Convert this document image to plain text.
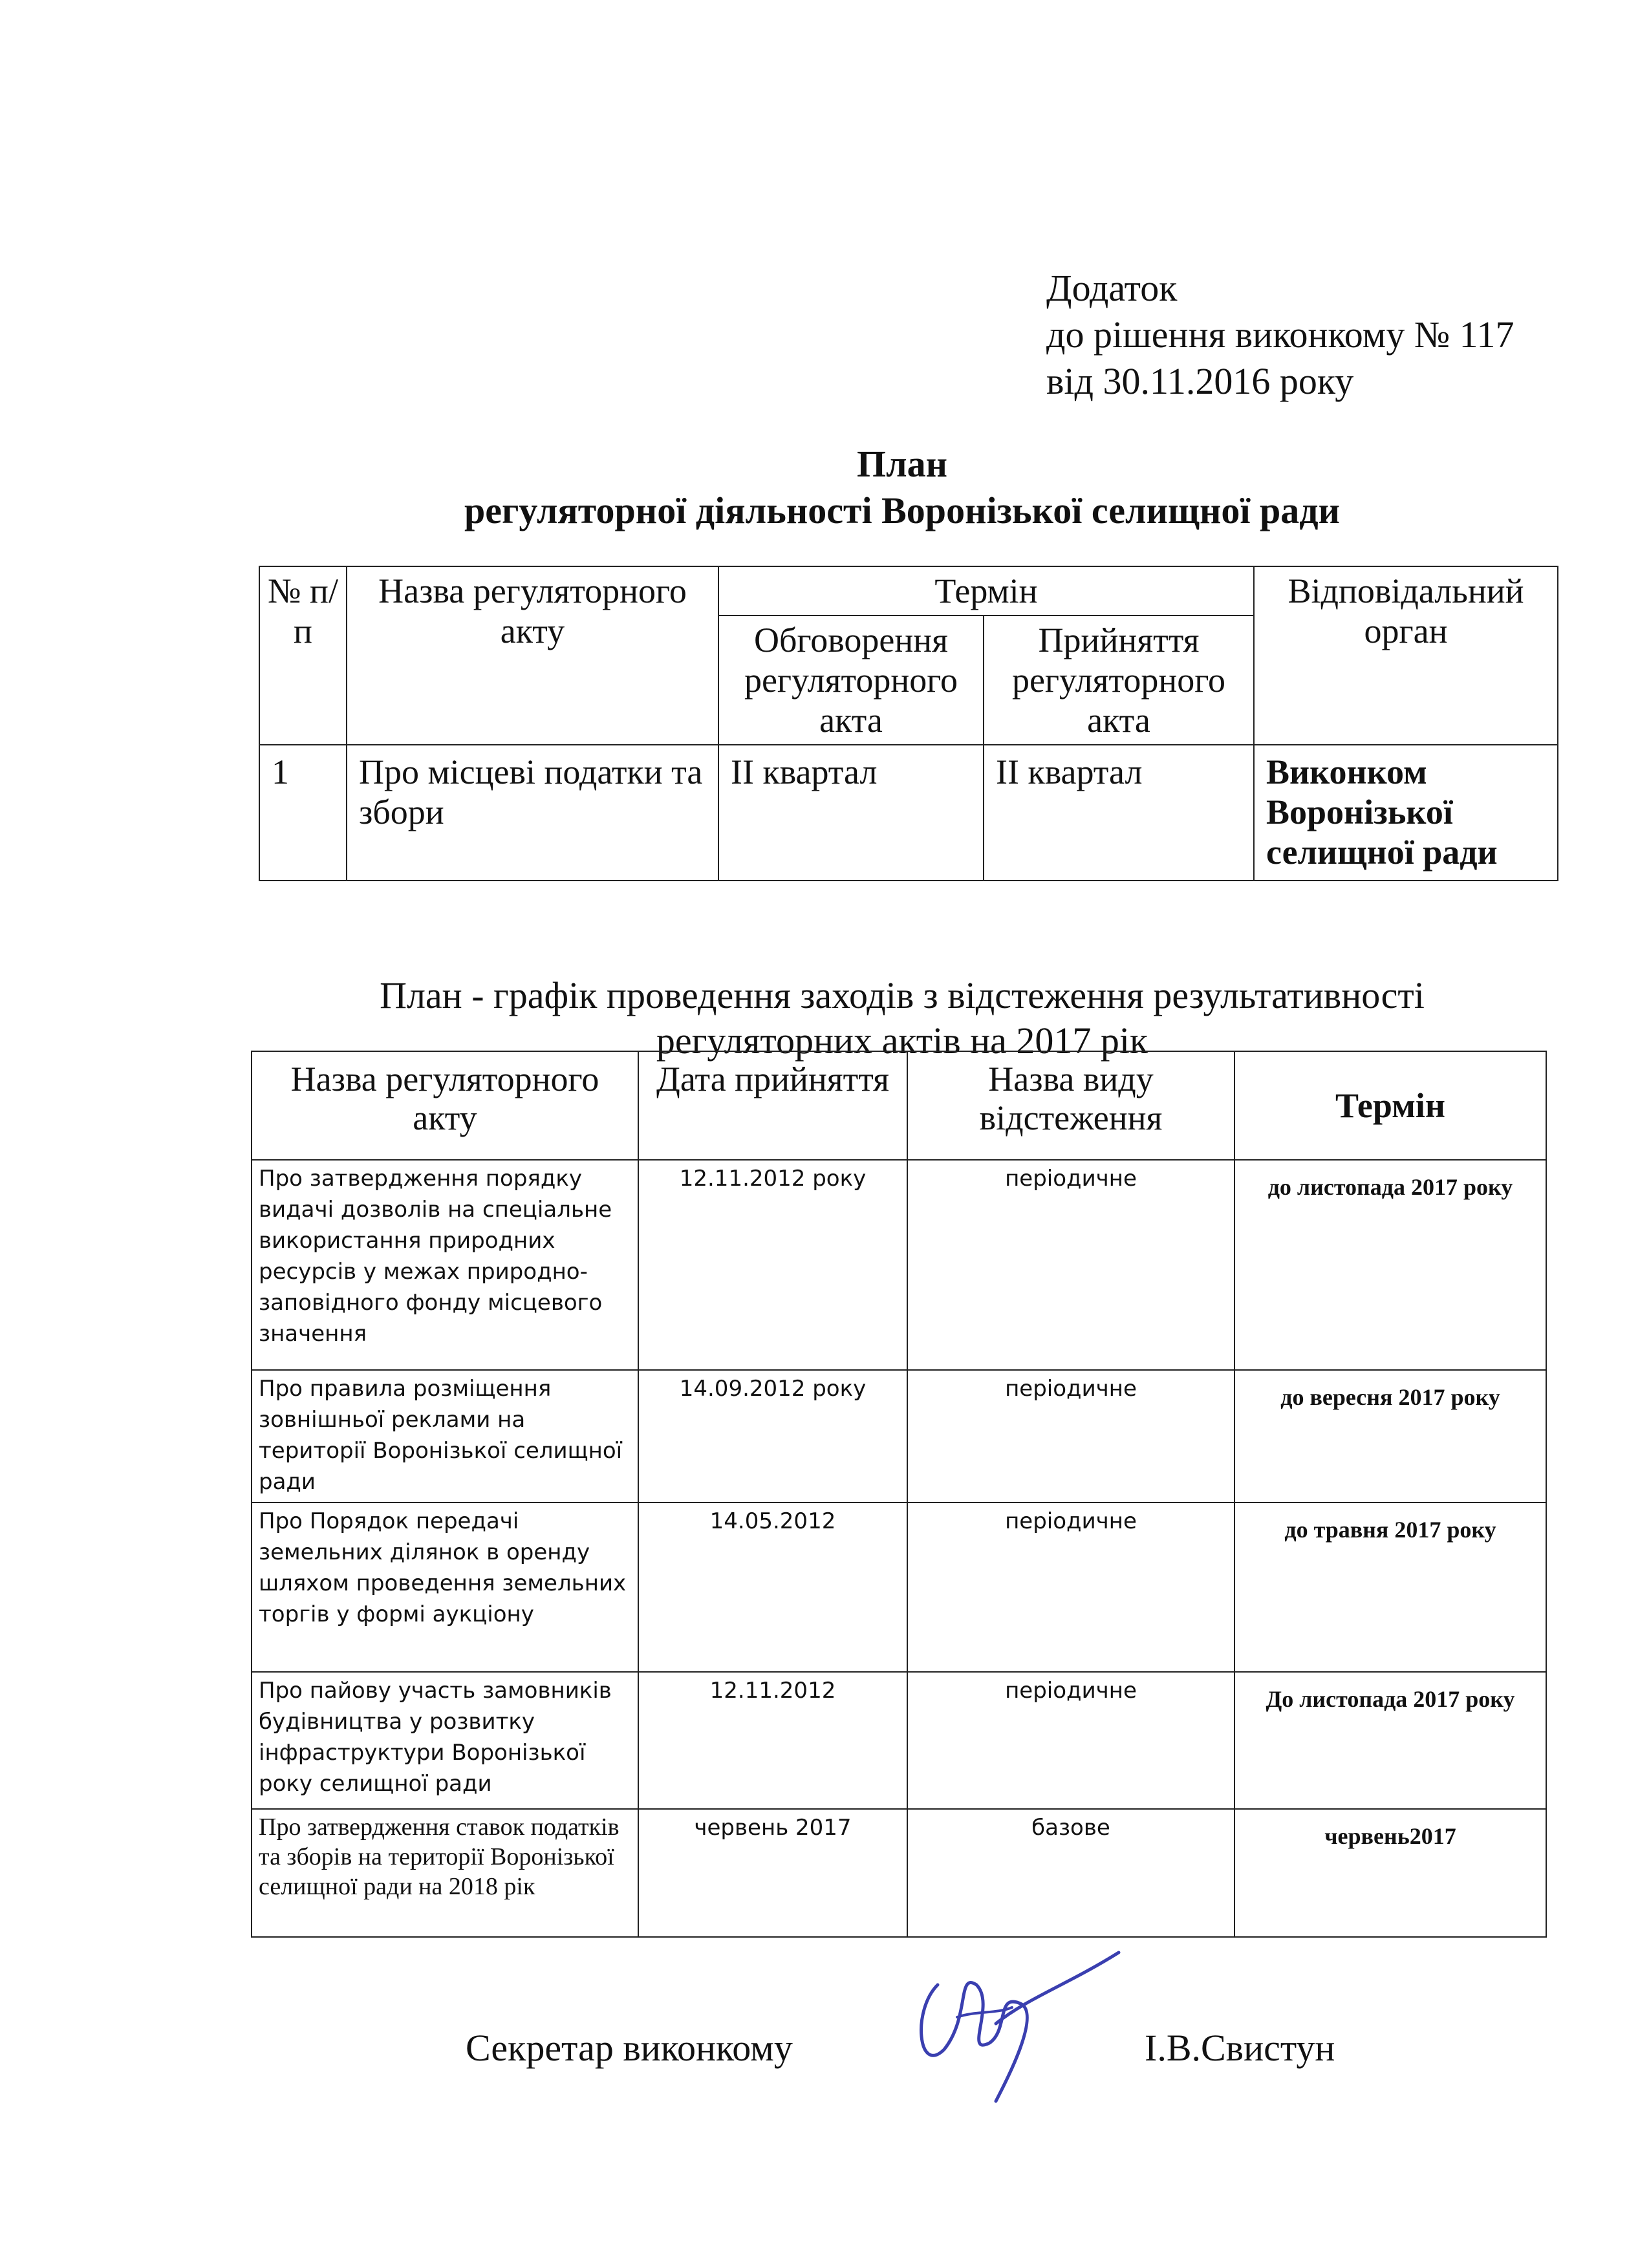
Додаток
до рішення виконкому № 117
від 30.11.2016 року
План
регуляторної діяльності Воронізької селищної ради
№ п/п	Назва регуляторного акту	Термін		Відповідальний орган
		Обговорення регуляторного акта	Прийняття регуляторного акта	
1	Про місцеві податки та збори	ІІ квартал	ІІ квартал	Виконком Воронізької селищної ради
План - графік проведення заходів з відстеження результативності
регуляторних актів на 2017 рік
Назва регуляторного акту	Дата прийняття	Назва виду відстеження	Термін
Про затвердження порядку видачі дозволів на спеціальне використання природних ресурсів у межах природно-заповідного фонду місцевого значення	12.11.2012 року	періодичне	до листопада 2017 року
Про правила розміщення зовнішньої реклами на території Воронізької селищної ради	14.09.2012 року	періодичне	до вересня 2017 року
Про Порядок передачі земельних ділянок в оренду шляхом проведення земельних торгів у формі аукціону	14.05.2012	періодичне	до травня 2017 року
Про пайову участь замовників будівництва у розвитку інфраструктури Воронізької року селищної ради	12.11.2012	періодичне	До листопада 2017 року
Про затвердження ставок податків та зборів на території Воронізької селищної ради на 2018 рік	червень 2017	базове	червень2017
Секретар виконкому	І.В.Свистун
